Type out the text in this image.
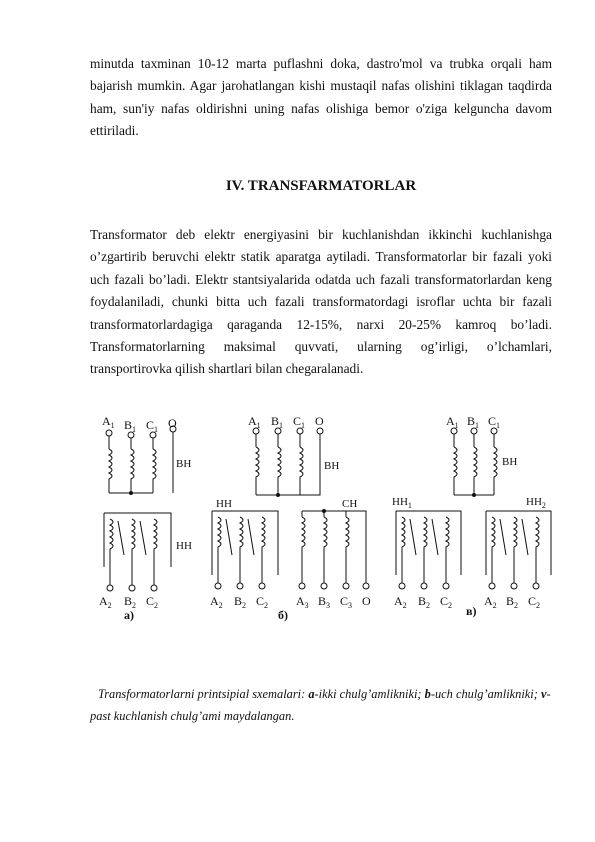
minutda taxminan 10-12 marta puflashni doka, dastro'mol va trubka orqali ham bajarish mumkin. Agar jarohatlangan kishi mustaqil nafas olishini tiklagan taqdirda ham, sun'iy nafas oldirishni uning nafas olishiga bemor o'ziga kelguncha davom ettiriladi.

IV. TRANSFARMATORLAR

Transformator deb elektr energiyasini bir kuchlanishdan ikkinchi kuchlanishga o’zgartirib beruvchi elektr statik aparatga aytiladi. Transformatorlar bir fazali yoki uch fazali bo’ladi. Elektr stantsiyalarida odatda uch fazali transformatorlardan keng foydalaniladi, chunki bitta uch fazali transformatordagi isroflar uchta bir fazali transformatorlardagiga qaraganda 12-15%, narxi 20-25% kamroq bo’ladi. Transformatorlarning maksimal quvvati, ularning og’irligi, o’lchamlari, transportirovka qilish shartlari bilan chegaralanadi.

$A_1$ $B_1$ $C_1$ O
ВН
НН
$A_2$ $B_2$ $C_2$
а)
$A_1$ $B_1$ $C_1$ O
ВН
НН
$A_2$ $B_2$ $C_2$
СН
$A_3$ $B_3$ $C_3$ O
б)
$A_1$ $B_1$ $C_1$
ВН
$НН_1$
$A_2$ $B_2$ $C_2$
$НН_2$
$A_2$ $B_2$ $C_2$
в)

Transformatorlarni printsipial sxemalari: a-ikki chulg’amlikniki; b-uch chulg’amlikniki; v-past kuchlanish chulg’ami maydalangan.
